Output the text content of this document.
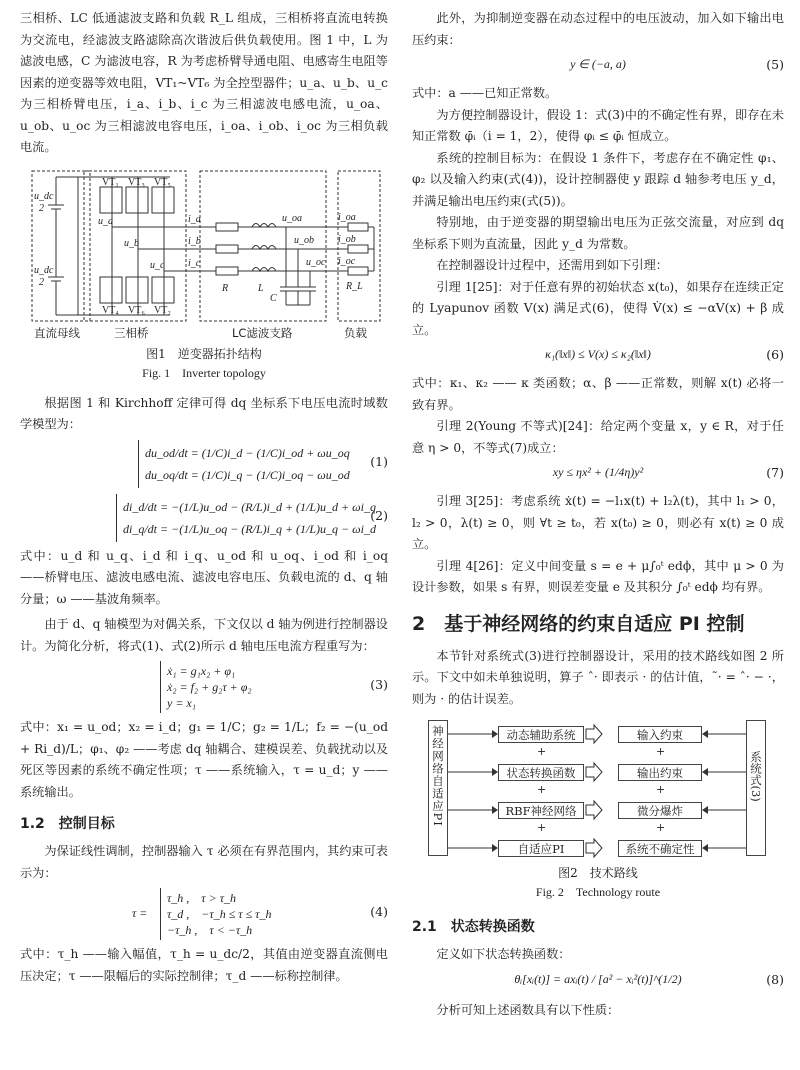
三相桥、LC 低通滤波支路和负载 R_L 组成，三相桥将直流电转换为交流电，经滤波支路滤除高次谐波后供负载使用。图 1 中，L 为滤波电感，C 为滤波电容，R 为考虑桥臂导通电阻、电感寄生电阻等因素的逆变器等效电阻，VT₁~VT₆ 为全控型器件；u_a、u_b、u_c 为三相桥臂电压，i_a、i_b、i_c 为三相滤波电感电流，u_oa、u_ob、u_oc 为三相滤波电容电压，i_oa、i_ob、i_oc 为三相负载电流。

u_dc
2
u_dc
2
VT₁ VT₃ VT₅
VT₄ VT₆ VT₂
u_a
u_b
u_c
i_a
i_b
i_c
u_oa
u_ob
u_oc
i_oa
i_ob
i_oc
R	L
C
R_L
直流母线	三相桥	LC滤波支路	负载
图1　逆变器拓扑结构
Fig. 1　Inverter topology

根据图 1 和 Kirchhoff 定律可得 dq 坐标系下电压电流时域数学模型为：

du_od/dt = (1/C)i_d − (1/C)i_od + ωu_oq
du_oq/dt = (1/C)i_q − (1/C)i_oq − ωu_od
(1)
di_d/dt = −(1/L)u_od − (R/L)i_d + (1/L)u_d + ωi_q
di_q/dt = −(1/L)u_oq − (R/L)i_q + (1/L)u_q − ωi_d
(2)

式中：u_d 和 u_q、i_d 和 i_q、u_od 和 u_oq、i_od 和 i_oq ——桥臂电压、滤波电感电流、滤波电容电压、负载电流的 d、q 轴分量；ω ——基波角频率。

由于 d、q 轴模型为对偶关系，下文仅以 d 轴为例进行控制器设计。为简化分析，将式(1)、式(2)所示 d 轴电压电流方程重写为：

ẋ₁ = g₁x₂ + φ₁
ẋ₂ = f₂ + g₂τ + φ₂
y = x₁
(3)

式中：x₁ = u_od；x₂ = i_d；g₁ = 1/C；g₂ = 1/L；f₂ = −(u_od + Ri_d)/L；φ₁、φ₂ ——考虑 dq 轴耦合、建模误差、负载扰动以及死区等因素的系统不确定性项；τ ——系统输入，τ = u_d；y ——系统输出。

1.2　控制目标

为保证线性调制，控制器输入 τ 必须在有界范围内，其约束可表示为：

τ =
τ_h ,　τ > τ_h
τ_d ,　−τ_h ≤ τ ≤ τ_h
−τ_h ,　τ < −τ_h
(4)

式中：τ_h ——输入幅值，τ_h = u_dc/2，其值由逆变器直流侧电压决定；τ ——限幅后的实际控制律；τ_d ——标称控制律。

此外，为抑制逆变器在动态过程中的电压波动，加入如下输出电压约束：

y ∈ (−a, a)	(5)

式中：a ——已知正常数。

为方便控制器设计，假设 1：式(3)中的不确定性有界，即存在未知正常数 φ̄ᵢ（i = 1，2），使得 φᵢ ≤ φ̄ᵢ 恒成立。

系统的控制目标为：在假设 1 条件下，考虑存在不确定性 φ₁、φ₂ 以及输入约束(式(4))，设计控制器使 y 跟踪 d 轴参考电压 y_d，并满足输出电压约束(式(5))。

特别地，由于逆变器的期望输出电压为正弦交流量，对应到 dq 坐标系下则为直流量，因此 y_d 为常数。

在控制器设计过程中，还需用到如下引理：

引理 1[25]：对于任意有界的初始状态 x(t₀)，如果存在连续正定的 Lyapunov 函数 V(x) 满足式(6)，使得 V̇(x) ≤ −αV(x) + β 成立。

κ₁(‖x‖) ≤ V(x) ≤ κ₂(‖x‖)	(6)

式中：κ₁、κ₂ —— κ 类函数；α、β ——正常数，则解 x(t) 必将一致有界。

引理 2(Young 不等式)[24]：给定两个变量 x，y ∈ R，对于任意 η > 0，不等式(7)成立：

xy ≤ ηx² + (1/4η)y²	(7)

引理 3[25]：考虑系统 ẋ(t) = −l₁x(t) + l₂λ(t)，其中 l₁ > 0，l₂ > 0，λ(t) ≥ 0，则 ∀t ≥ t₀，若 x(t₀) ≥ 0，则必有 x(t) ≥ 0 成立。

引理 4[26]：定义中间变量 s = e + μ∫₀ᵗ edϕ，其中 μ > 0 为设计参数，如果 s 有界，则误差变量 e 及其积分 ∫₀ᵗ edϕ 均有界。

2　基于神经网络的约束自适应 PI 控制

本节针对系统式(3)进行控制器设计，采用的技术路线如图 2 所示。下文中如未单独说明，算子 ˆ· 即表示 · 的估计值，˜· = ˆ· − ·，则为 · 的估计误差。

神经网络自适应PI	系统式(3)
动态辅助系统	输入约束
状态转换函数	输出约束
RBF神经网络	微分爆炸
自适应PI	系统不确定性
+
+
+
+
+
+
图2　技术路线
Fig. 2　Technology route
2.1　状态转换函数

定义如下状态转换函数：

θᵢ[xᵢ(t)] = axᵢ(t) / [a² − xᵢ²(t)]^(1/2)	(8)

分析可知上述函数具有以下性质：
